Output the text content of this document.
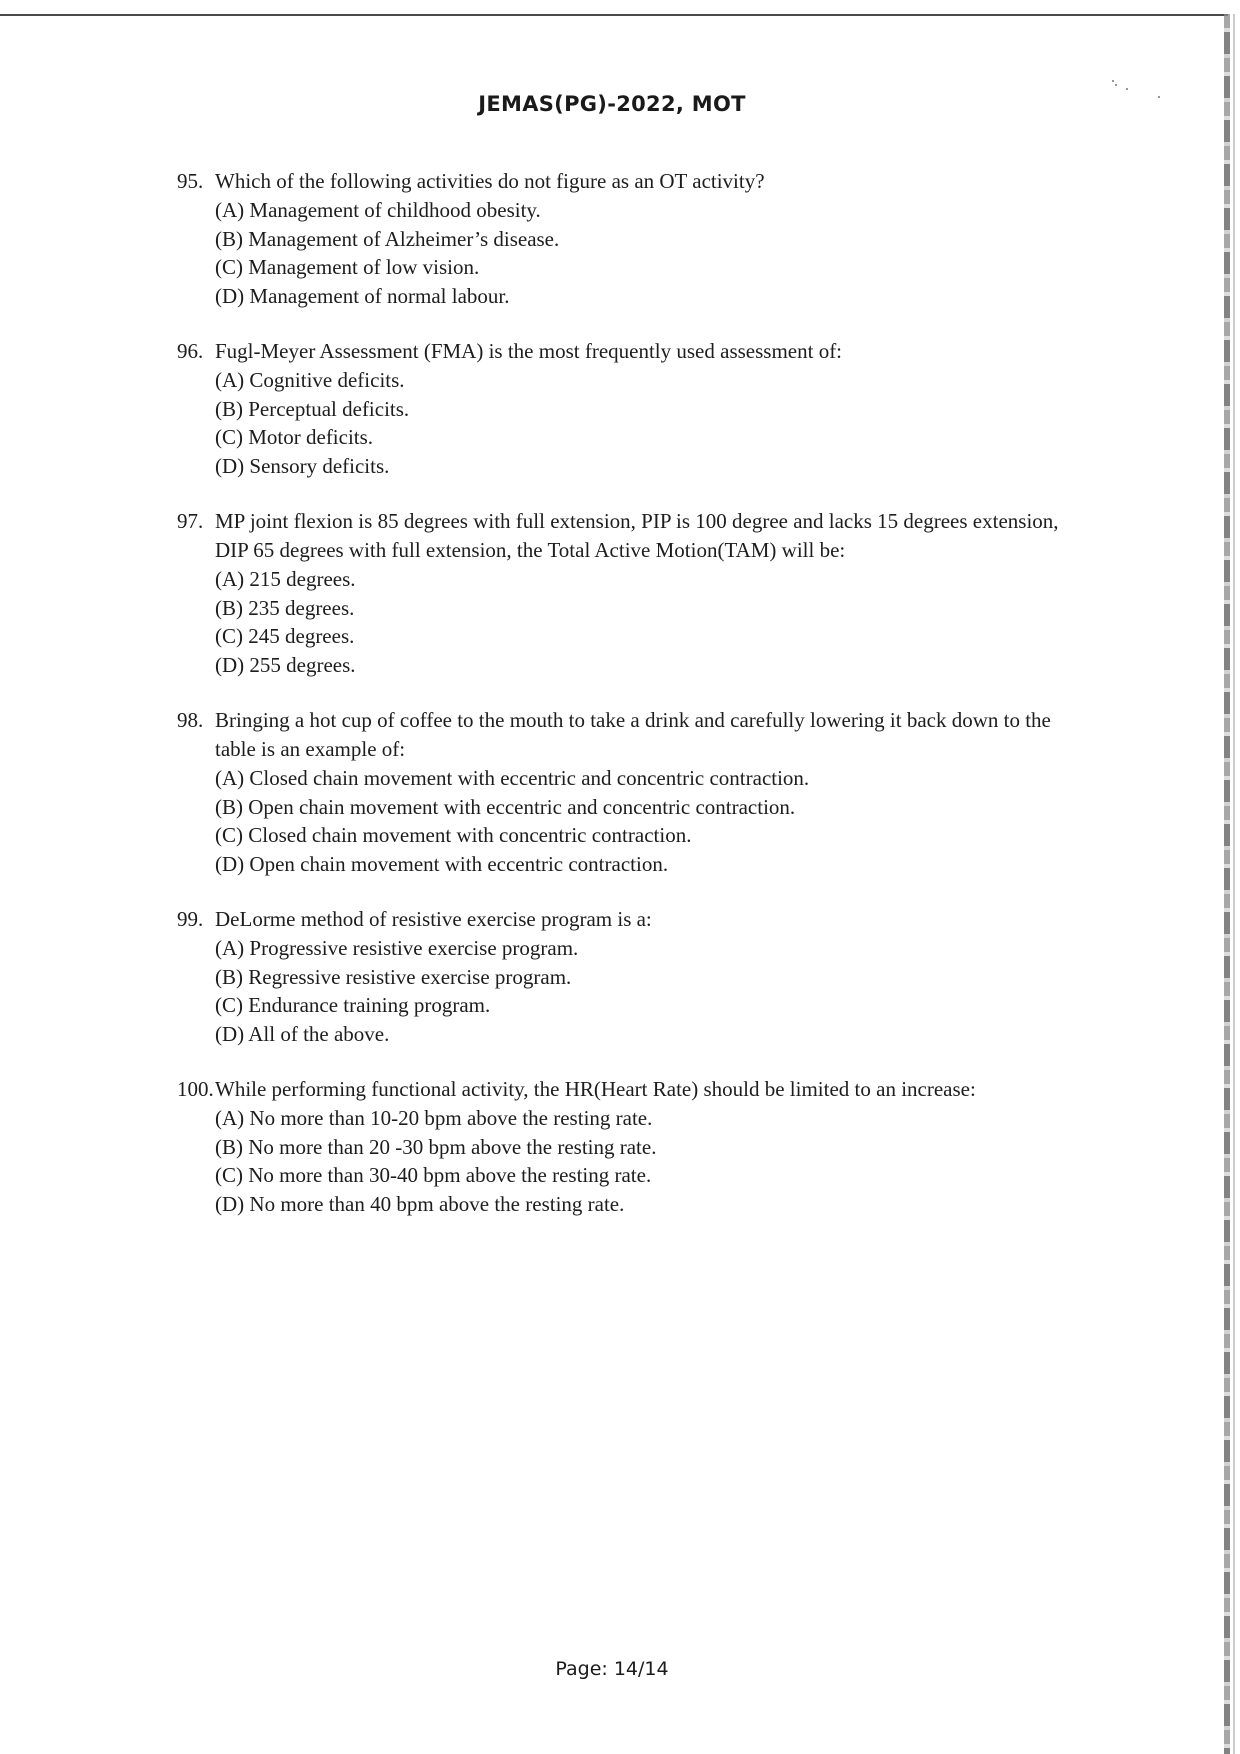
JEMAS(PG)-2022, MOT
95. Which of the following activities do not figure as an OT activity?
(A) Management of childhood obesity.
(B) Management of Alzheimer’s disease.
(C) Management of low vision.
(D) Management of normal labour.
96. Fugl-Meyer Assessment (FMA) is the most frequently used assessment of:
(A) Cognitive deficits.
(B) Perceptual deficits.
(C) Motor deficits.
(D) Sensory deficits.
97. MP joint flexion is 85 degrees with full extension, PIP is 100 degree and lacks 15 degrees extension, DIP 65 degrees with full extension, the Total Active Motion(TAM) will be:
(A) 215 degrees.
(B) 235 degrees.
(C) 245 degrees.
(D) 255 degrees.
98. Bringing a hot cup of coffee to the mouth to take a drink and carefully lowering it back down to the table is an example of:
(A) Closed chain movement with eccentric and concentric contraction.
(B) Open chain movement with eccentric and concentric contraction.
(C) Closed chain movement with concentric contraction.
(D) Open chain movement with eccentric contraction.
99. DeLorme method of resistive exercise program is a:
(A) Progressive resistive exercise program.
(B) Regressive resistive exercise program.
(C) Endurance training program.
(D) All of the above.
100. While performing functional activity, the HR(Heart Rate) should be limited to an increase:
(A) No more than 10-20 bpm above the resting rate.
(B) No more than 20 -30 bpm above the resting rate.
(C) No more than 30-40 bpm above the resting rate.
(D) No more than 40 bpm above the resting rate.
Page: 14/14
